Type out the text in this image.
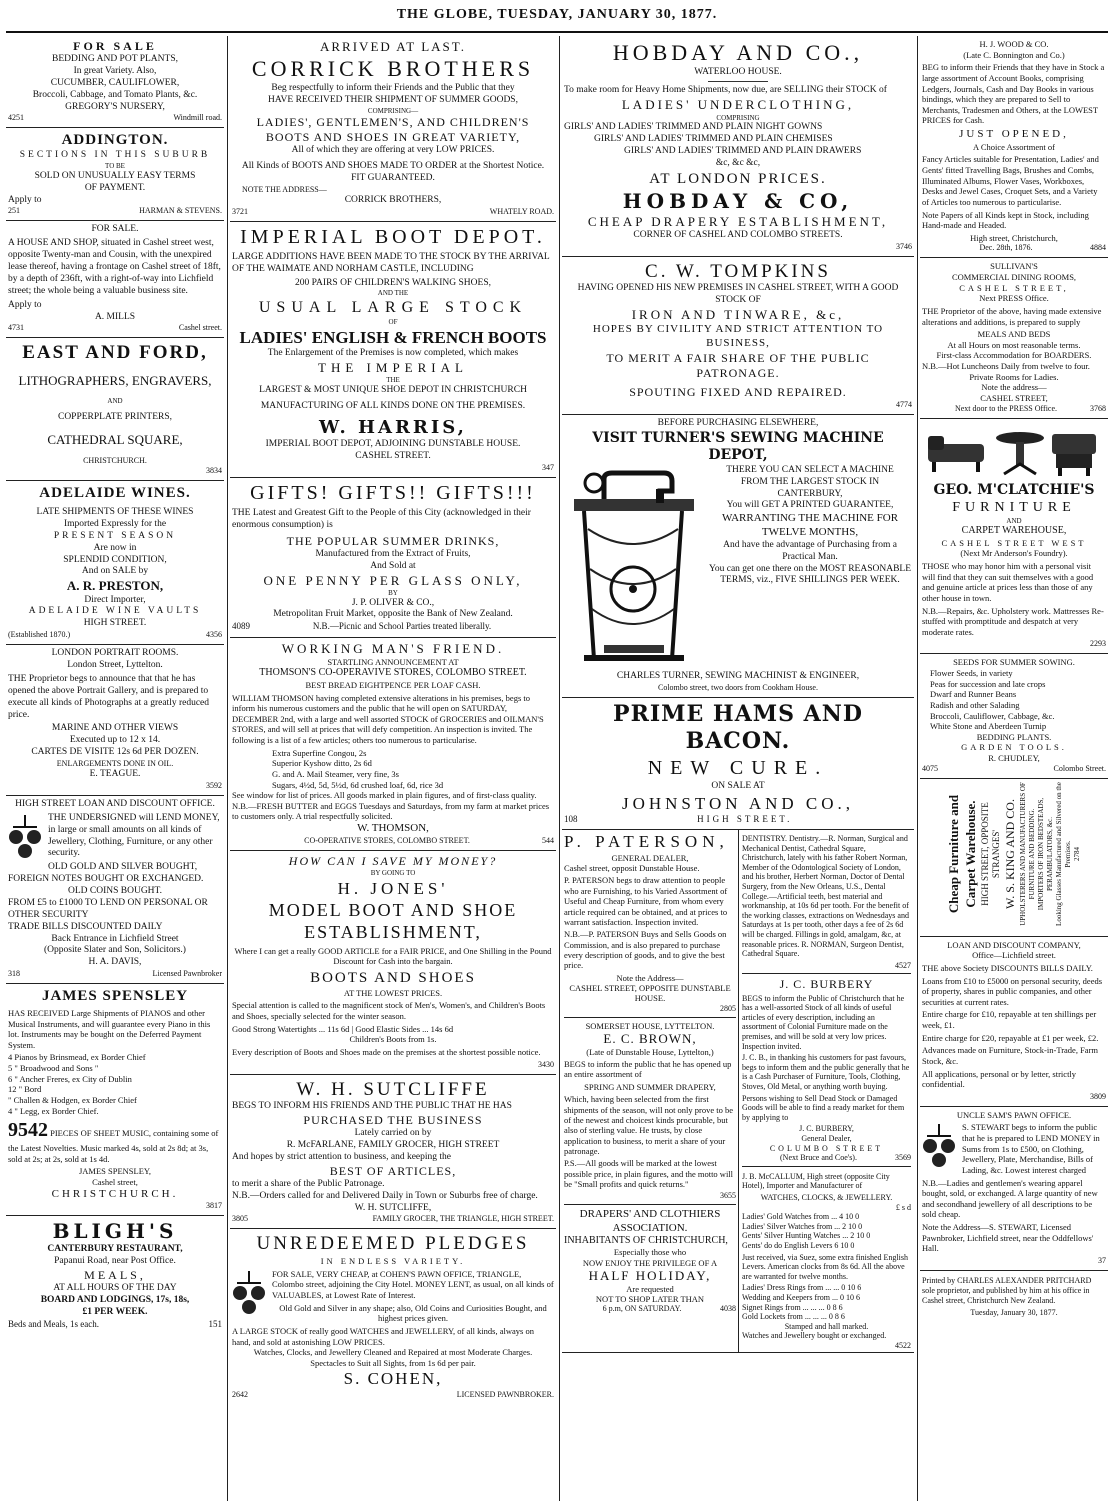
THE GLOBE, TUESDAY, JANUARY 30, 1877.
FOR SALE
BEDDING AND POT PLANTS,
In great Variety. Also,
CUCUMBER, CAULIFLOWER,
Broccoli, Cabbage, and Tomato Plants, &c.
GREGORY'S NURSERY,
4251	Windmill road.
ADDINGTON.
SECTIONS IN THIS SUBURB
TO BE
SOLD ON UNUSUALLY EASY TERMS
OF PAYMENT.
Apply to
251	HARMAN & STEVENS.
FOR SALE.

A HOUSE AND SHOP, situated in Cashel street west, opposite Twenty-man and Cousin, with the unexpired lease thereof, having a frontage on Cashel street of 18ft, by a depth of 236ft, with a right-of-way into Lichfield street; the whole being a valuable business site.

Apply to
A. MILLS
4731	Cashel street.
EAST AND FORD,
LITHOGRAPHERS, ENGRAVERS,
AND
COPPERPLATE PRINTERS,
CATHEDRAL SQUARE,
CHRISTCHURCH.
3834
ADELAIDE WINES.
LATE SHIPMENTS OF THESE WINES
Imported Expressly for the
PRESENT SEASON
Are now in
SPLENDID CONDITION,
And on SALE by
A. R. PRESTON,
Direct Importer,
ADELAIDE WINE VAULTS
HIGH STREET.
(Established 1870.)	4356
LONDON PORTRAIT ROOMS.
London Street, Lyttelton.

THE Proprietor begs to announce that that he has opened the above Portrait Gallery, and is prepared to execute all kinds of Photographs at a greatly reduced price.

MARINE AND OTHER VIEWS
Executed up to 12 x 14.
CARTES DE VISITE 12s 6d PER DOZEN.
ENLARGEMENTS DONE IN OIL.
E. TEAGUE.
3592
HIGH STREET LOAN AND DISCOUNT OFFICE.

THE UNDERSIGNED will LEND MONEY, in large or small amounts on all kinds of Jewellery, Clothing, Furniture, or any other security.

OLD GOLD AND SILVER BOUGHT, FOREIGN NOTES BOUGHT OR EXCHANGED.
OLD COINS BOUGHT.
FROM £5 to £1000 TO LEND ON PERSONAL OR OTHER SECURITY
TRADE BILLS DISCOUNTED DAILY
Back Entrance in Lichfield Street
(Opposite Slater and Son, Solicitors.)
H. A. DAVIS,
318	Licensed Pawnbroker
JAMES SPENSLEY

HAS RECEIVED Large Shipments of PIANOS and other Musical Instruments, and will guarantee every Piano in this lot. Instruments may be bought on the Deferred Payment System.

4 Pianos by Brinsmead, ex Border Chief
5 " Broadwood and Sons "
6 " Ancher Freres, ex City of Dublin
12 " Bord
" Challen & Hodgen, ex Border Chief
4 " Legg, ex Border Chief.

9542 PIECES OF SHEET MUSIC, containing some of the Latest Novelties. Music marked 4s, sold at 2s 8d; at 3s, sold at 2s; at 2s, sold at 1s 4d.

JAMES SPENSLEY,
Cashel street,
CHRISTCHURCH.
3817
BLIGH'S
CANTERBURY RESTAURANT,
Papanui Road, near Post Office.
MEALS,
AT ALL HOURS OF THE DAY
BOARD AND LODGINGS, 17s, 18s,
£1 PER WEEK.
Beds and Meals, 1s each.	151
ARRIVED AT LAST.
CORRICK BROTHERS
Beg respectfully to inform their Friends and the Public that they
HAVE RECEIVED THEIR SHIPMENT OF SUMMER GOODS,
COMPRISING—
LADIES', GENTLEMEN'S, AND CHILDREN'S
BOOTS AND SHOES IN GREAT VARIETY,
All of which they are offering at very LOW PRICES.
All Kinds of BOOTS AND SHOES MADE TO ORDER at the Shortest Notice.
FIT GUARANTEED.
NOTE THE ADDRESS—
CORRICK BROTHERS,
3721	WHATELY ROAD.
IMPERIAL BOOT DEPOT.

LARGE ADDITIONS HAVE BEEN MADE TO THE STOCK BY THE ARRIVAL OF THE WAIMATE AND NORHAM CASTLE, INCLUDING

200 PAIRS OF CHILDREN'S WALKING SHOES,
AND THE
USUAL LARGE STOCK
OF
LADIES' ENGLISH & FRENCH BOOTS
The Enlargement of the Premises is now completed, which makes
THE IMPERIAL
THE
LARGEST & MOST UNIQUE SHOE DEPOT IN CHRISTCHURCH
MANUFACTURING OF ALL KINDS DONE ON THE PREMISES.
W. HARRIS,
IMPERIAL BOOT DEPOT, ADJOINING DUNSTABLE HOUSE.
CASHEL STREET.
347
GIFTS! GIFTS!! GIFTS!!!

THE Latest and Greatest Gift to the People of this City (acknowledged in their enormous consumption) is

THE POPULAR SUMMER DRINKS,
Manufactured from the Extract of Fruits,
And Sold at
ONE PENNY PER GLASS ONLY,
BY
J. P. OLIVER & CO.,
Metropolitan Fruit Market, opposite the Bank of New Zealand.
4089	N.B.—Picnic and School Parties treated liberally.
WORKING MAN'S FRIEND.
STARTLING ANNOUNCEMENT AT
THOMSON'S CO-OPERAVIVE STORES, COLOMBO STREET.
BEST BREAD EIGHTPENCE PER LOAF CASH.

WILLIAM THOMSON having completed extensive alterations in his premises, begs to inform his numerous customers and the public that he will open on SATURDAY, DECEMBER 2nd, with a large and well assorted STOCK of GROCERIES and OILMAN'S STORES, and will sell at prices that will defy competition. An inspection is invited. The following is a list of a few articles; others too numerous to particularise.

Extra Superfine Congou, 2s
Superior Kyshow ditto, 2s 6d
G. and A. Mail Steamer, very fine, 3s
Sugars, 4½d, 5d, 5½d, 6d crushed loaf, 6d, rice 3d
See window for list of prices. All goods marked in plain figures, and of first-class quality.
N.B.—FRESH BUTTER and EGGS Tuesdays and Saturdays, from my farm at market prices to customers only. A trial respectfully solicited.
W. THOMSON,
CO-OPERATIVE STORES, COLOMBO STREET.	544
HOW CAN I SAVE MY MONEY?
BY GOING TO
H. JONES'
MODEL BOOT AND SHOE
ESTABLISHMENT,

Where I can get a really GOOD ARTICLE for a FAIR PRICE, and One Shilling in the Pound Discount for Cash into the bargain.

BOOTS AND SHOES
AT THE LOWEST PRICES.

Special attention is called to the magnificent stock of Men's, Women's, and Children's Boots and Shoes, specially selected for the winter season.

Good Strong Watertights ... 11s 6d | Good Elastic Sides ... 14s 6d
Children's Boots from 1s.

Every description of Boots and Shoes made on the premises at the shortest possible notice.

3430
W. H. SUTCLIFFE
BEGS TO INFORM HIS FRIENDS AND THE PUBLIC THAT HE HAS
PURCHASED THE BUSINESS
Lately carried on by
R. McFARLANE, FAMILY GROCER, HIGH STREET
And hopes by strict attention to business, and keeping the
BEST OF ARTICLES,
to merit a share of the Public Patronage.
N.B.—Orders called for and Delivered Daily in Town or Suburbs free of charge.
W. H. SUTCLIFFE,
3805	FAMILY GROCER, THE TRIANGLE, HIGH STREET.
UNREDEEMED PLEDGES
IN ENDLESS VARIETY.

FOR SALE, VERY CHEAP, at COHEN'S PAWN OFFICE, TRIANGLE, Colombo street, adjoining the City Hotel. MONEY LENT, as usual, on all kinds of VALUABLES, at Lowest Rate of Interest.

Old Gold and Silver in any shape; also, Old Coins and Curiosities Bought, and highest prices given.

A LARGE STOCK of really good WATCHES and JEWELLERY, of all kinds, always on hand, and sold at astonishing LOW PRICES.
Watches, Clocks, and Jewellery Cleaned and Repaired at most Moderate Charges.
Spectacles to Suit all Sights, from 1s 6d per pair.
S. COHEN,
2642	LICENSED PAWNBROKER.
HOBDAY AND CO.,
WATERLOO HOUSE.
To make room for Heavy Home Shipments, now due, are SELLING their STOCK of
LADIES' UNDERCLOTHING,
COMPRISING
GIRLS' AND LADIES' TRIMMED AND PLAIN NIGHT GOWNS
GIRLS' AND LADIES' TRIMMED AND PLAIN CHEMISES
GIRLS' AND LADIES' TRIMMED AND PLAIN DRAWERS
&c, &c &c,
AT LONDON PRICES.
HOBDAY & CO,
CHEAP DRAPERY ESTABLISHMENT,
CORNER OF CASHEL AND COLOMBO STREETS.
3746
C. W. TOMPKINS
HAVING OPENED HIS NEW PREMISES IN CASHEL STREET, WITH A GOOD STOCK OF
IRON AND TINWARE, &c,
HOPES BY CIVILITY AND STRICT ATTENTION TO BUSINESS,
TO MERIT A FAIR SHARE OF THE PUBLIC PATRONAGE.
SPOUTING FIXED AND REPAIRED.
4774
BEFORE PURCHASING ELSEWHERE,
VISIT TURNER'S SEWING MACHINE DEPOT,
THERE YOU CAN SELECT A MACHINE
FROM THE LARGEST STOCK IN
CANTERBURY,
You will GET A PRINTED GUARANTEE,
WARRANTING THE MACHINE FOR
TWELVE MONTHS,
And have the advantage of Purchasing from a Practical Man.
You can get one there on the MOST REASONABLE
TERMS, viz., FIVE SHILLINGS PER WEEK.
CHARLES TURNER, SEWING MACHINIST & ENGINEER,
Colombo street, two doors from Cookham House.
PRIME HAMS AND BACON.
NEW CURE.
ON SALE AT
JOHNSTON AND CO.,
108	HIGH STREET.
P. PATERSON,
GENERAL DEALER,
Cashel street, opposit Dunstable House.

P. PATERSON begs to draw attention to people who are Furnishing, to his Varied Assortment of Useful and Cheap Furniture, from whom every article required can be obtained, and at prices to warrant satisfaction. Inspection invited.

N.B.—P. PATERSON Buys and Sells Goods on Commission, and is also prepared to purchase every description of goods, and to give the best price.

Note the Address—
CASHEL STREET, OPPOSITE DUNSTABLE HOUSE.
2805
SOMERSET HOUSE, LYTTELTON.
E. C. BROWN,
(Late of Dunstable House, Lyttelton,)

BEGS to inform the public that he has opened up an entire assortment of

SPRING AND SUMMER DRAPERY,

Which, having been selected from the first shipments of the season, will not only prove to be of the newest and choicest kinds procurable, but also of sterling value. He trusts, by close application to business, to merit a share of your patronage.

P.S.—All goods will be marked at the lowest possible price, in plain figures, and the motto will be "Small profits and quick returns."

3655
DRAPERS' AND CLOTHIERS ASSOCIATION.
INHABITANTS OF CHRISTCHURCH,
Especially those who
NOW ENJOY THE PRIVILEGE OF A
HALF HOLIDAY,
Are requested
NOT TO SHOP LATER THAN
6 p.m, ON SATURDAY.	4038

DENTISTRY. Dentistry.—R. Norman, Surgical and Mechanical Dentist, Cathedral Square, Christchurch, lately with his father Robert Norman, Member of the Odontological Society of London, and his brother, Herbert Norman, Doctor of Dental Surgery, from the New Orleans, U.S., Dental College.—Artificial teeth, best material and workmanship, at 10s 6d per tooth. For the benefit of the working classes, extractions on Wednesdays and Saturdays at 1s per tooth, other days a fee of 2s 6d will be charged. Fillings in gold, amalgam, &c, at reasonable prices. R. NORMAN, Surgeon Dentist, Cathedral Square.

4527
J. C. BURBERY

BEGS to inform the Public of Christchurch that he has a well-assorted Stock of all kinds of useful articles of every description, including an assortment of Colonial Furniture made on the premises, and will be sold at very low prices. Inspection invited.

J. C. B., in thanking his customers for past favours, begs to inform them and the public generally that he is a Cash Purchaser of Furniture, Tools, Clothing, Stoves, Old Metal, or anything worth buying.

Persons wishing to Sell Dead Stock or Damaged Goods will be able to find a ready market for them by applying to

J. C. BURBERY,
General Dealer,
COLUMBO STREET
(Next Bruce and Coe's).	3569

J. B. McCALLUM, High street (opposite City Hotel), Importer and Manufacturer of

WATCHES, CLOCKS, & JEWELLERY.
£ s d
Ladies' Gold Watches from ... 4 10 0
Ladies' Silver Watches from ... 2 10 0
Gents' Silver Hunting Watches ... 2 10 0
Gents' do do English Levers 6 10 0

Just received, via Suez, some extra finished English Levers. American clocks from 8s 6d. All the above are warranted for twelve months.

Ladies' Dress Rings from ... ... 0 10 6
Wedding and Keepers from ... 0 10 6
Signet Rings from ... ... ... 0 8 6
Gold Lockets from ... ... ... 0 8 6
Stamped and hall marked.
Watches and Jewellery bought or exchanged.
4522
H. J. WOOD & CO.
(Late C. Bonnington and Co.)

BEG to inform their Friends that they have in Stock a large assortment of Account Books, comprising Ledgers, Journals, Cash and Day Books in various bindings, which they are prepared to Sell to Merchants, Tradesmen and Others, at the LOWEST PRICES for Cash.

JUST OPENED,
A Choice Assortment of

Fancy Articles suitable for Presentation, Ladies' and Gents' fitted Travelling Bags, Brushes and Combs, Illuminated Albums, Flower Vases, Workboxes, Desks and Jewel Cases, Croquet Sets, and a Variety of Articles too numerous to particularise.

Note Papers of all Kinds kept in Stock, including Hand-made and Headed.

High street, Christchurch,
Dec. 28th, 1876.	4884
SULLIVAN'S
COMMERCIAL DINING ROOMS,
CASHEL STREET,
Next PRESS Office.

THE Proprietor of the above, having made extensive alterations and additions, is prepared to supply

MEALS AND BEDS
At all Hours on most reasonable terms.
First-class Accommodation for BOARDERS.
N.B.—Hot Luncheons Daily from twelve to four.
Private Rooms for Ladies.
Note the address—
CASHEL STREET,
Next door to the PRESS Office.	3768
GEO. M'CLATCHIE'S
FURNITURE
AND
CARPET WAREHOUSE,
CASHEL STREET WEST
(Next Mr Anderson's Foundry).

THOSE who may honor him with a personal visit will find that they can suit themselves with a good and genuine article at prices less than those of any other house in town.

N.B.—Repairs, &c. Upholstery work. Mattresses Re-stuffed with promptitude and despatch at very moderate rates.

2293
SEEDS FOR SUMMER SOWING.
Flower Seeds, in variety
Peas for succession and late crops
Dwarf and Runner Beans
Radish and other Salading
Broccoli, Cauliflower, Cabbage, &c.
White Stone and Aberdeen Turnip
BEDDING PLANTS.
GARDEN TOOLS.
R. CHUDLEY,
4075	Colombo Street.
Cheap Furniture and Carpet Warehouse. HIGH STREET, OPPOSITE STRANGES' W. S. KING AND CO. UPHOLSTERERS AND MANUFACTURERS OF FURNITURE AND BEDDING. IMPORTERS OF IRON BEDSTEADS, PERAMBULATORS, &c. Looking Glasses Manufactured and Silvered on the Premises. 2784
LOAN AND DISCOUNT COMPANY,
Office—Lichfield street.

THE above Society DISCOUNTS BILLS DAILY.

Loans from £10 to £5000 on personal security, deeds of property, shares in public companies, and other securities at current rates.

Entire charge for £10, repayable at ten shillings per week, £1.

Entire charge for £20, repayable at £1 per week, £2.

Advances made on Furniture, Stock-in-Trade, Farm Stock, &c.

All applications, personal or by letter, strictly confidential.

3809
UNCLE SAM'S PAWN OFFICE.

S. STEWART begs to inform the public that he is prepared to LEND MONEY in Sums from 1s to £500, on Clothing, Jewellery, Plate, Merchandise, Bills of Lading, &c. Lowest interest charged

N.B.—Ladies and gentlemen's wearing apparel bought, sold, or exchanged. A large quantity of new and secondhand jewellery of all descriptions to be sold cheap.

Note the Address—S. STEWART, Licensed Pawnbroker, Lichfield street, near the Oddfellows' Hall.

37

Printed by CHARLES ALEXANDER PRITCHARD sole proprietor, and published by him at his office in Cashel street, Christchurch New Zealand.

Tuesday, January 30, 1877.
